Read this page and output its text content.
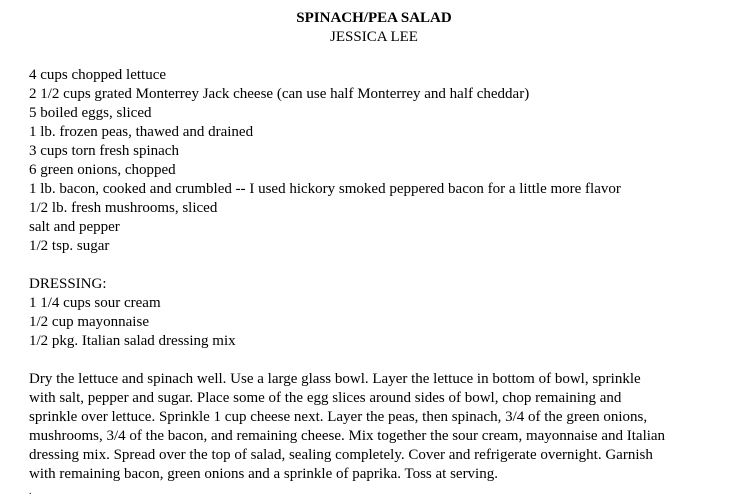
SPINACH/PEA SALAD
JESSICA LEE
4 cups chopped lettuce
2 1/2 cups grated Monterrey Jack cheese (can use half Monterrey and half cheddar)
5 boiled eggs, sliced
1 lb. frozen peas, thawed and drained
3 cups torn fresh spinach
6 green onions, chopped
1 lb. bacon, cooked and crumbled -- I used hickory smoked peppered bacon for a little more flavor
1/2 lb. fresh mushrooms, sliced
salt and pepper
1/2 tsp. sugar
DRESSING:
1 1/4 cups sour cream
1/2 cup mayonnaise
1/2 pkg. Italian salad dressing mix
Dry the lettuce and spinach well. Use a large glass bowl. Layer the lettuce in bottom of bowl, sprinkle
with salt, pepper and sugar. Place some of the egg slices around sides of bowl, chop remaining and
sprinkle over lettuce. Sprinkle 1 cup cheese next. Layer the peas, then spinach, 3/4 of the green onions,
mushrooms, 3/4 of the bacon, and remaining cheese. Mix together the sour cream, mayonnaise and Italian
dressing mix. Spread over the top of salad, sealing completely. Cover and refrigerate overnight. Garnish
with remaining bacon, green onions and a sprinkle of paprika. Toss at serving.
.
